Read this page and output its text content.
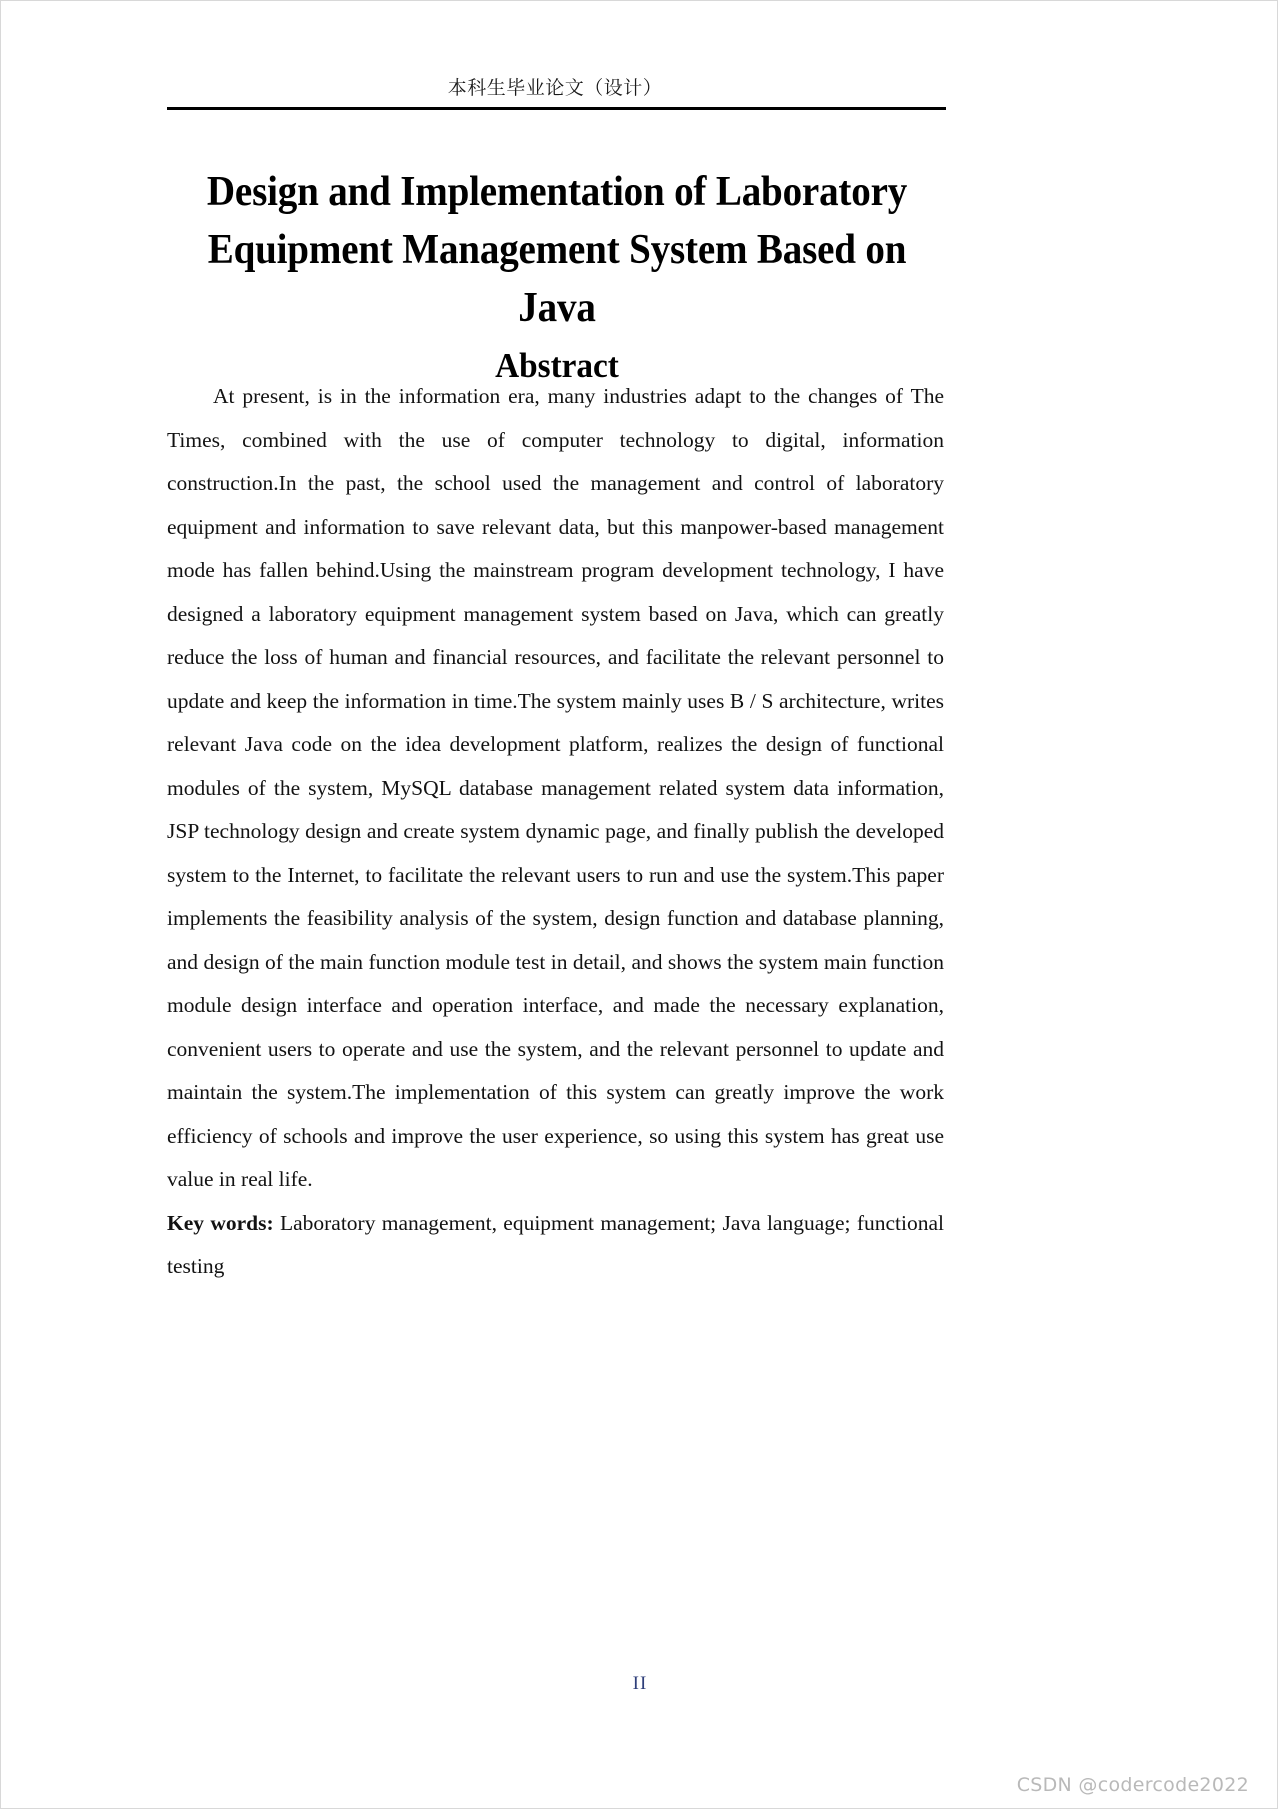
本科生毕业论文（设计）
Design and Implementation of Laboratory Equipment Management System Based on Java
Abstract

At present, is in the information era, many industries adapt to the changes of The Times, combined with the use of computer technology to digital, information construction.In the past, the school used the management and control of laboratory equipment and information to save relevant data, but this manpower-based management mode has fallen behind.Using the mainstream program development technology, I have designed a laboratory equipment management system based on Java, which can greatly reduce the loss of human and financial resources, and facilitate the relevant personnel to update and keep the information in time.The system mainly uses B / S architecture, writes relevant Java code on the idea development platform, realizes the design of functional modules of the system, MySQL database management related system data information, JSP technology design and create system dynamic page, and finally publish the developed system to the Internet, to facilitate the relevant users to run and use the system.This paper implements the feasibility analysis of the system, design function and database planning, and design of the main function module test in detail, and shows the system main function module design interface and operation interface, and made the necessary explanation, convenient users to operate and use the system, and the relevant personnel to update and maintain the system.The implementation of this system can greatly improve the work efficiency of schools and improve the user experience, so using this system has great use value in real life.

Key words: Laboratory management, equipment management; Java language; functional testing

II
CSDN @codercode2022
